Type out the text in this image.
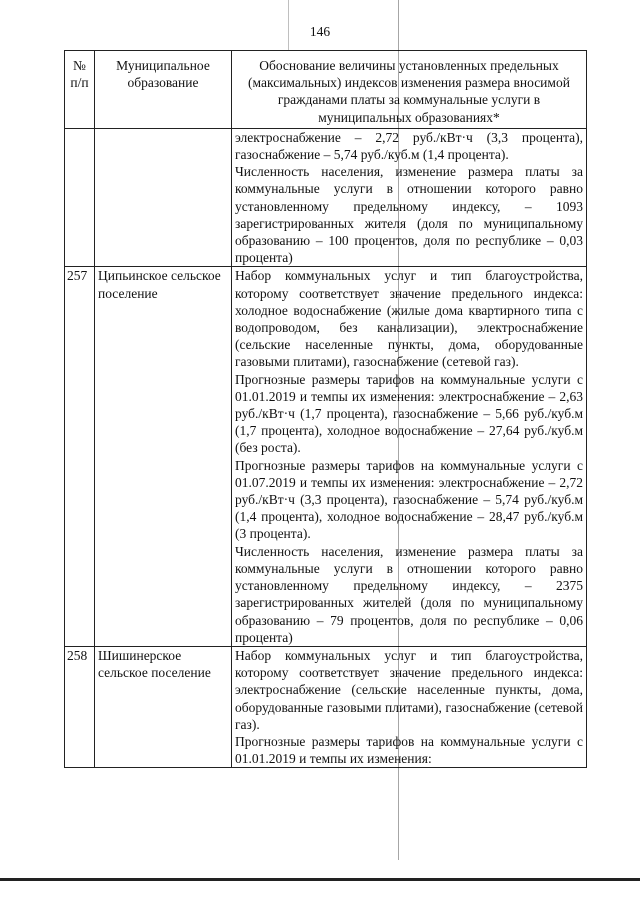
146
№ п/п	Муниципальное образование	Обоснование величины установленных предельных (максимальных) индексов изменения размера вносимой гражданами платы за коммунальные услуги в муниципальных образованиях*

		электроснабжение – 2,72 руб./кВт·ч (3,3 процента), газоснабжение – 5,74 руб./куб.м (1,4 процента).

Численность населения, изменение размера платы за коммунальные услуги в отношении которого равно установленному предельному индексу, – 1093 зарегистрированных жителя (доля по муниципальному образованию – 100 процентов, доля по республике – 0,03 процента)

257	Ципьинское сельское поселение	Набор коммунальных услуг и тип благоустройства, которому соответствует значение предельного индекса: холодное водоснабжение (жилые дома квартирного типа с водопроводом, без канализации), электроснабжение (сельские населенные пункты, дома, оборудованные газовыми плитами), газоснабжение (сетевой газ).

Прогнозные размеры тарифов на коммунальные услуги с 01.01.2019 и темпы их изменения: электроснабжение – 2,63 руб./кВт·ч (1,7 процента), газоснабжение – 5,66 руб./куб.м (1,7 процента), холодное водоснабжение – 27,64 руб./куб.м (без роста).

Прогнозные размеры тарифов на коммунальные услуги с 01.07.2019 и темпы их изменения: электроснабжение – 2,72 руб./кВт·ч (3,3 процента), газоснабжение – 5,74 руб./куб.м (1,4 процента), холодное водоснабжение – 28,47 руб./куб.м (3 процента).

Численность населения, изменение размера платы за коммунальные услуги в отношении которого равно установленному предельному индексу, – 2375 зарегистрированных жителей (доля по муниципальному образованию – 79 процентов, доля по республике – 0,06 процента)

258	Шишинерское сельское поселение	Набор коммунальных услуг и тип благоустройства, которому соответствует значение предельного индекса: электроснабжение (сельские населенные пункты, дома, оборудованные газовыми плитами), газоснабжение (сетевой газ).

Прогнозные размеры тарифов на коммунальные услуги с 01.01.2019 и темпы их изменения:
